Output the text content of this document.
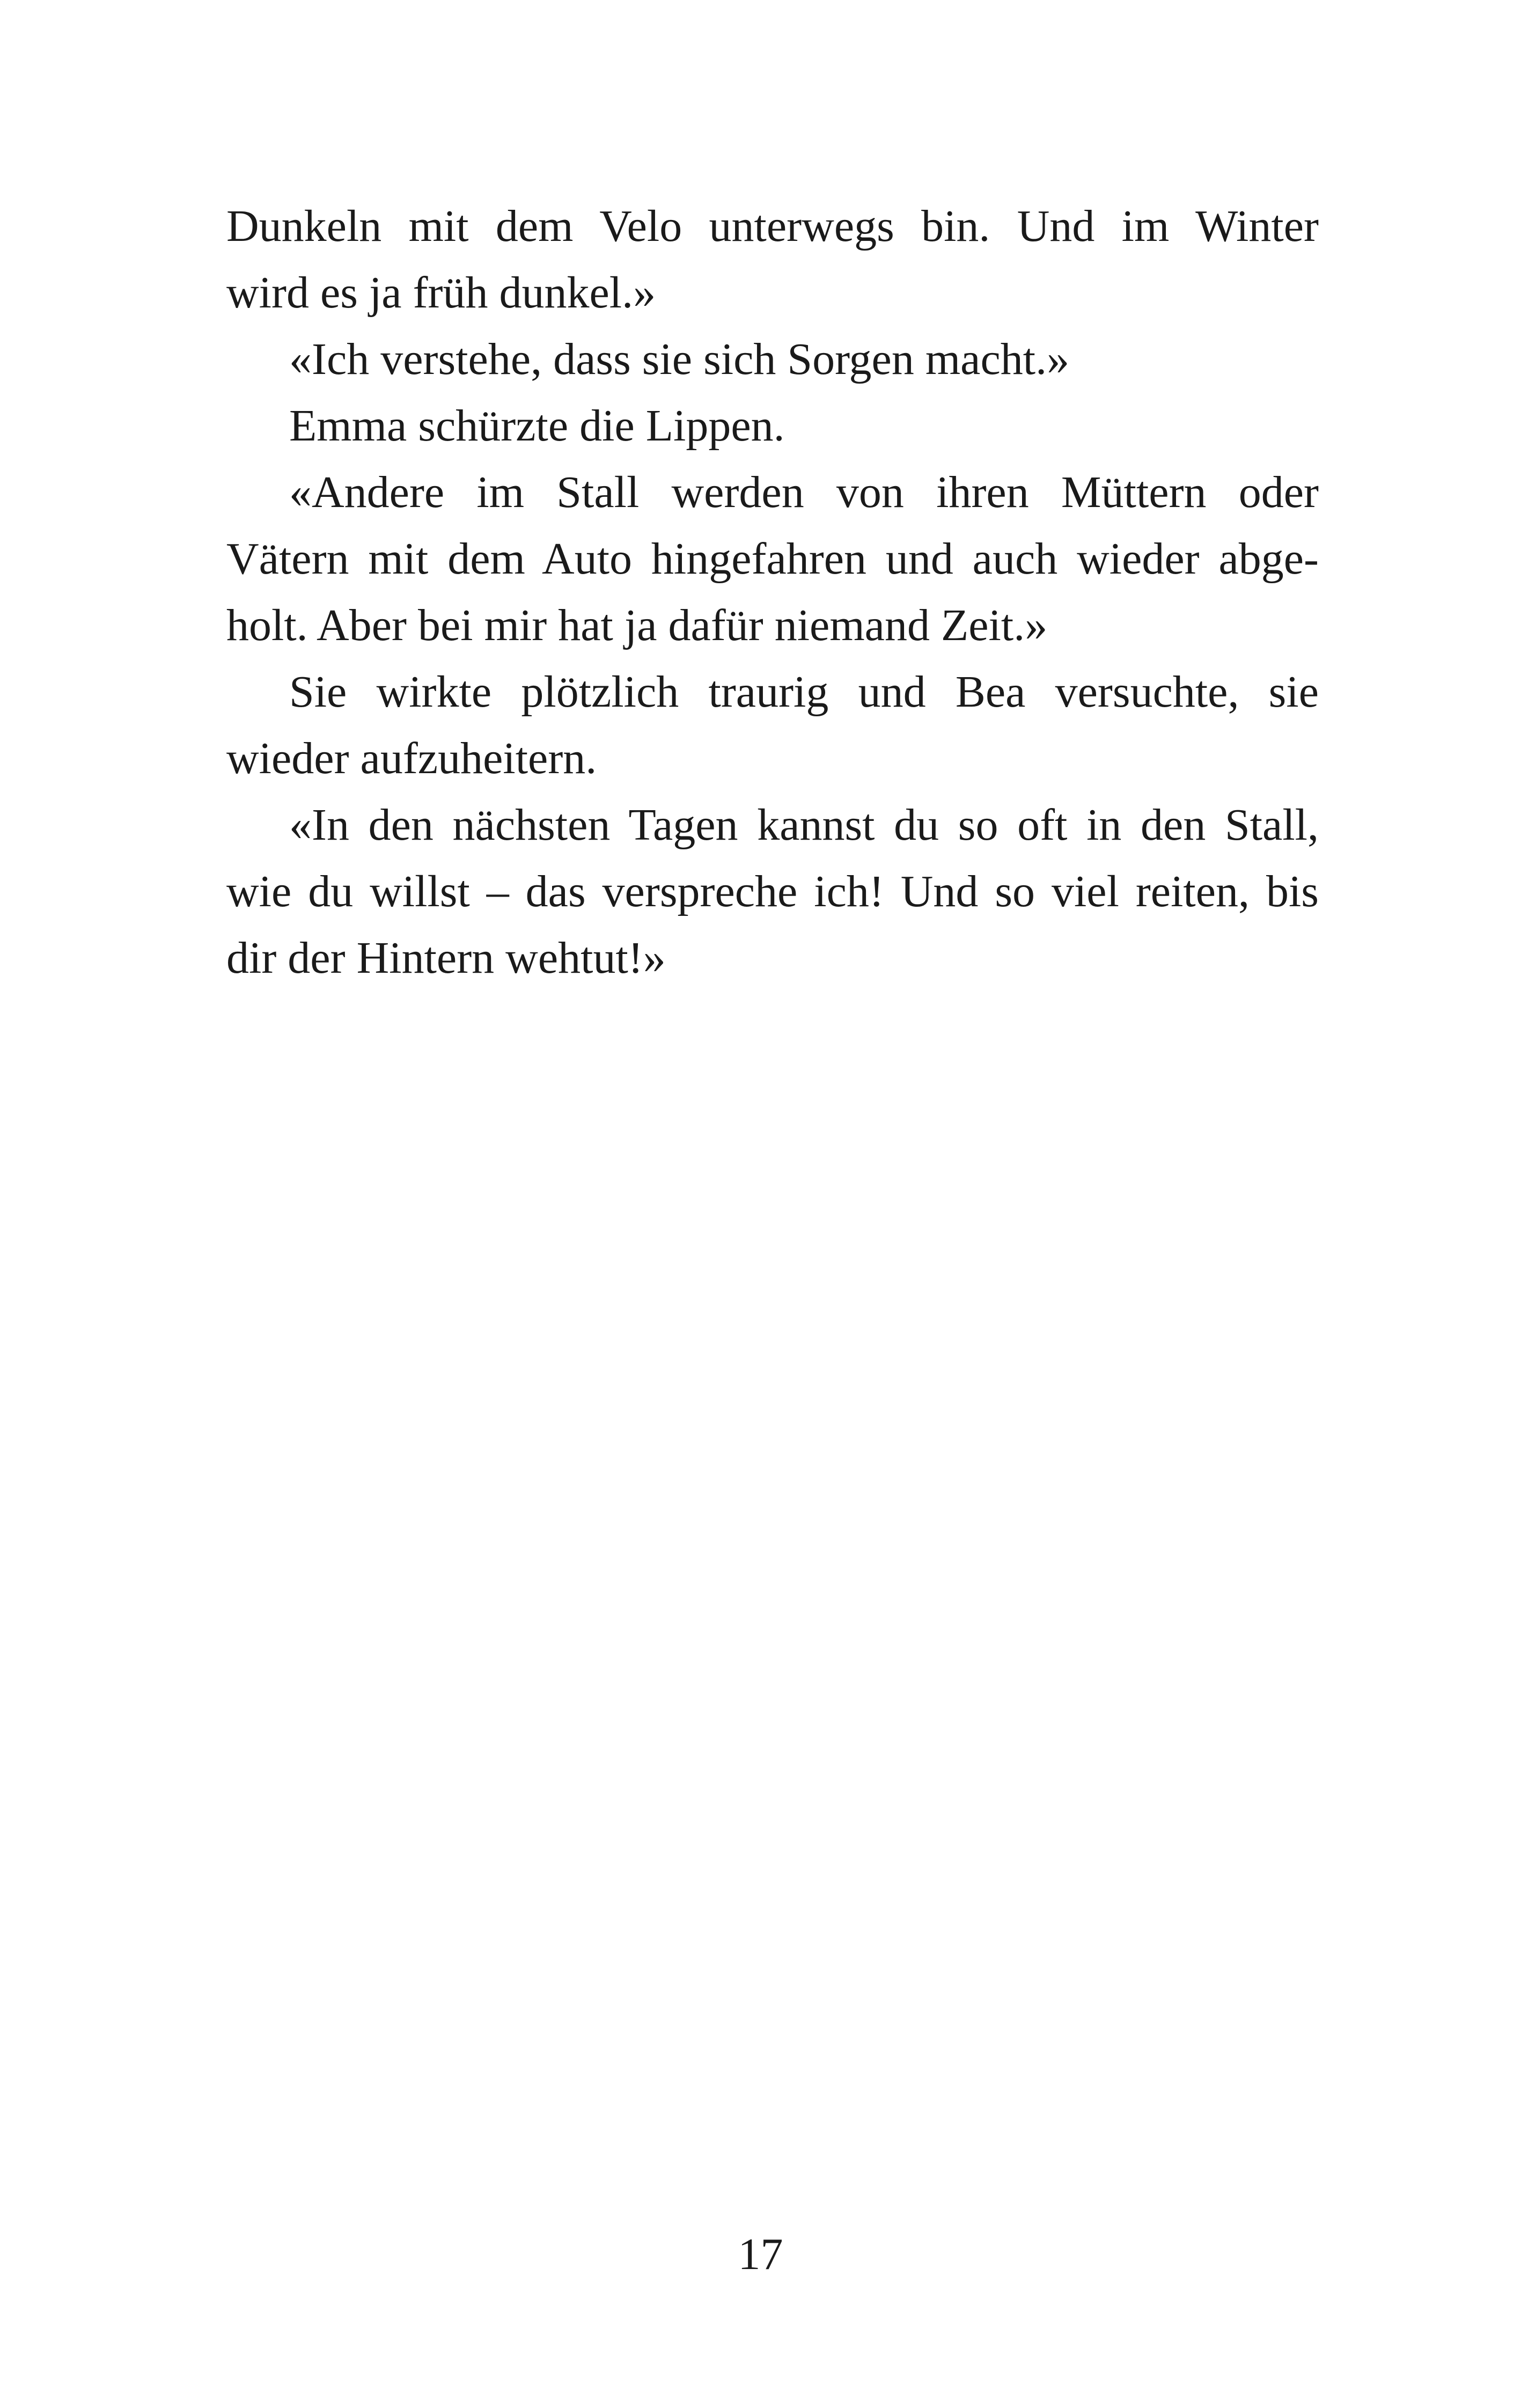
Dunkeln mit dem Velo unterwegs bin. Und im Winter
wird es ja früh dunkel.»
«Ich verstehe, dass sie sich Sorgen macht.»
Emma schürzte die Lippen.
«Andere im Stall werden von ihren Müttern oder
Vätern mit dem Auto hingefahren und auch wieder abge-
holt. Aber bei mir hat ja dafür niemand Zeit.»
Sie wirkte plötzlich traurig und Bea versuchte, sie
wieder aufzuheitern.
«In den nächsten Tagen kannst du so oft in den Stall,
wie du willst – das verspreche ich! Und so viel reiten, bis
dir der Hintern wehtut!»
17
